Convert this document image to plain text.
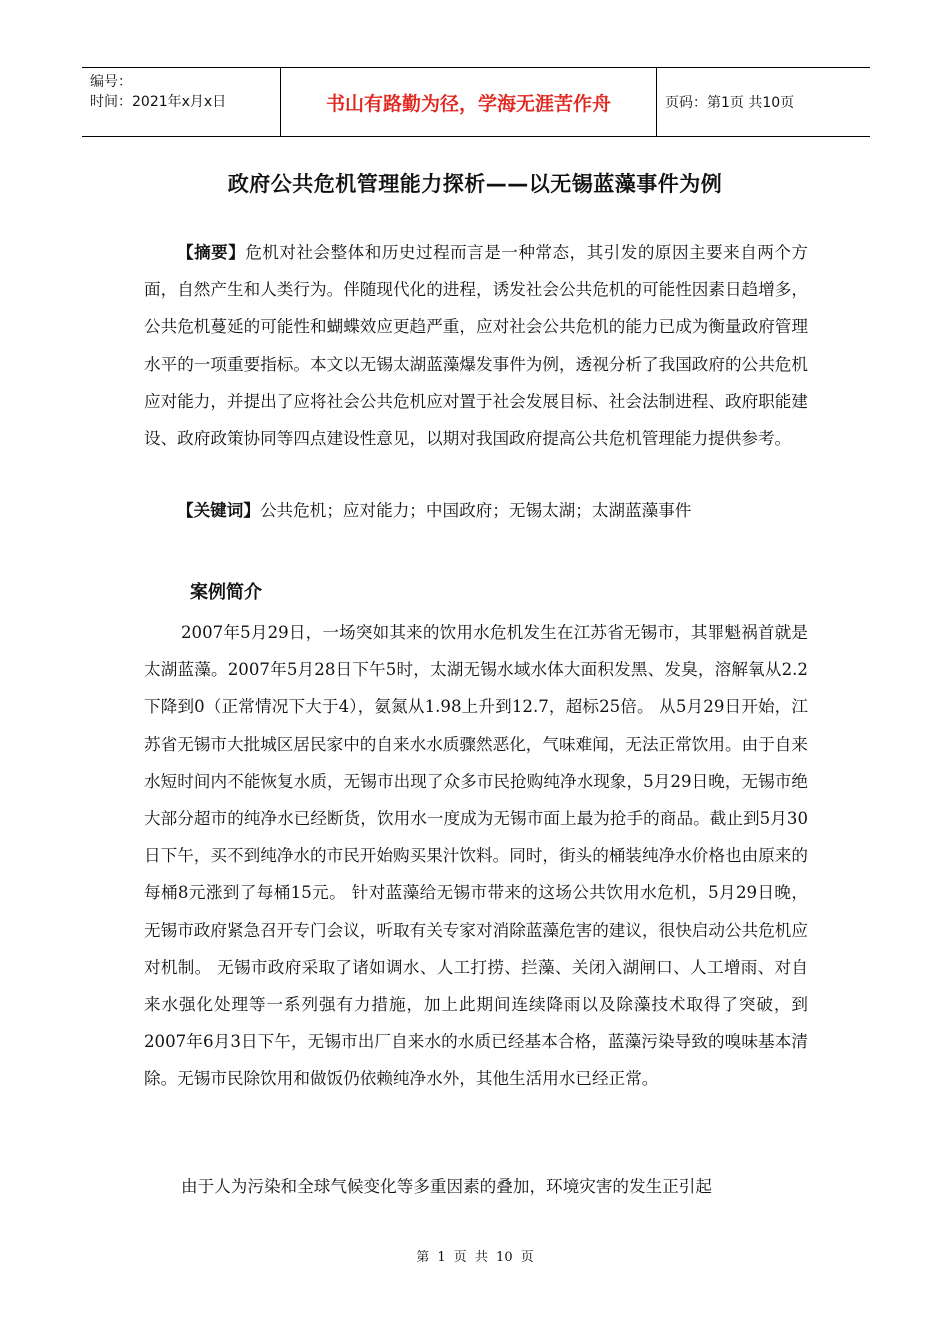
编号：
时间：2021年x月x日	书山有路勤为径，学海无涯苦作舟	页码：第1页 共10页
政府公共危机管理能力探析——以无锡蓝藻事件为例
【摘要】危机对社会整体和历史过程而言是一种常态，其引发的原因主要来自两个方面，自然产生和人类行为。伴随现代化的进程，诱发社会公共危机的可能性因素日趋增多，公共危机蔓延的可能性和蝴蝶效应更趋严重，应对社会公共危机的能力已成为衡量政府管理水平的一项重要指标。本文以无锡太湖蓝藻爆发事件为例，透视分析了我国政府的公共危机应对能力，并提出了应将社会公共危机应对置于社会发展目标、社会法制进程、政府职能建设、政府政策协同等四点建设性意见，以期对我国政府提高公共危机管理能力提供参考。
【关键词】公共危机；应对能力；中国政府；无锡太湖；太湖蓝藻事件
案例简介
2007年5月29日，一场突如其来的饮用水危机发生在江苏省无锡市，其罪魁祸首就是太湖蓝藻。2007年5月28日下午5时，太湖无锡水域水体大面积发黑、发臭，溶解氧从2.2下降到0（正常情况下大于4），氨氮从1.98上升到12.7，超标25倍。 从5月29日开始，江苏省无锡市大批城区居民家中的自来水水质骤然恶化，气味难闻，无法正常饮用。由于自来水短时间内不能恢复水质，无锡市出现了众多市民抢购纯净水现象，5月29日晚，无锡市绝大部分超市的纯净水已经断货，饮用水一度成为无锡市面上最为抢手的商品。截止到5月30日下午，买不到纯净水的市民开始购买果汁饮料。同时，街头的桶装纯净水价格也由原来的每桶8元涨到了每桶15元。 针对蓝藻给无锡市带来的这场公共饮用水危机，5月29日晚，无锡市政府紧急召开专门会议，听取有关专家对消除蓝藻危害的建议，很快启动公共危机应对机制。 无锡市政府采取了诸如调水、人工打捞、拦藻、关闭入湖闸口、人工增雨、对自来水强化处理等一系列强有力措施，加上此期间连续降雨以及除藻技术取得了突破，到2007年6月3日下午，无锡市出厂自来水的水质已经基本合格，蓝藻污染导致的嗅味基本清除。无锡市民除饮用和做饭仍依赖纯净水外，其他生活用水已经正常。
由于人为污染和全球气候变化等多重因素的叠加，环境灾害的发生正引起
第 1 页 共 10 页
